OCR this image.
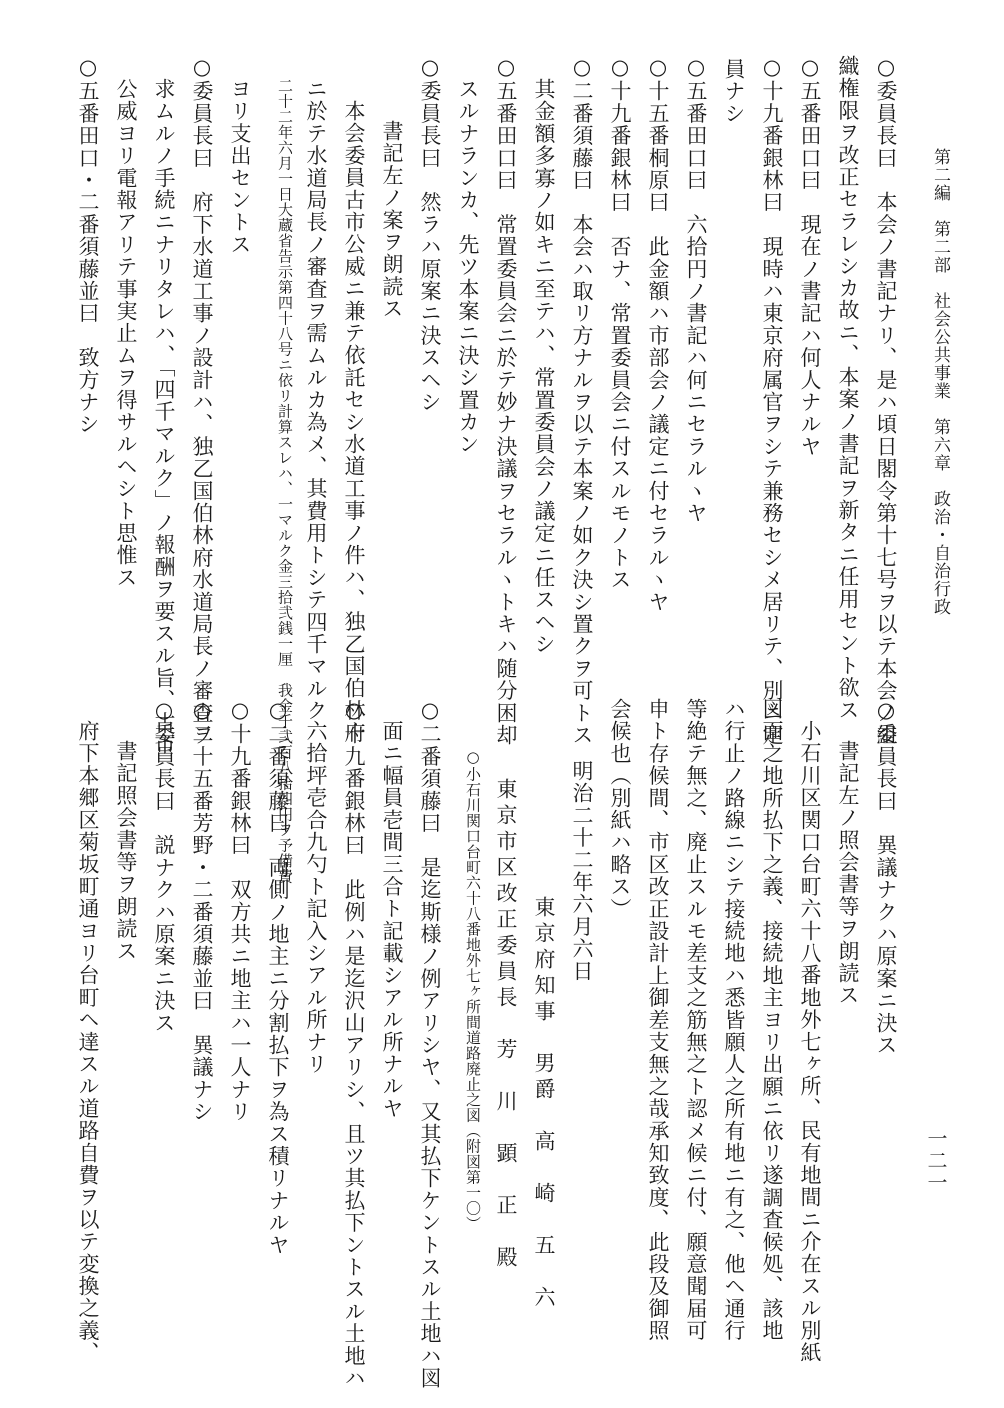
第二編　第二部　社会公共事業　第六章　政治・自治行政
一二一
○委員長曰　本会ノ書記ナリ、是ハ頃日閣令第十七号ヲ以テ本会ノ組
織権限ヲ改正セラレシカ故ニ、本案ノ書記ヲ新タニ任用セント欲ス
○五番田口曰　現在ノ書記ハ何人ナルヤ
○十九番銀林曰　現時ハ東京府属官ヲシテ兼務セシメ居リテ、別ニ定
員ナシ
○五番田口曰　六拾円ノ書記ハ何ニセラルヽヤ
○十五番桐原曰　此金額ハ市部会ノ議定ニ付セラルヽヤ
○十九番銀林曰　否ナ、常置委員会ニ付スルモノトス
○二番須藤曰　本会ハ取リ方ナルヲ以テ本案ノ如ク決シ置クヲ可トス
其金額多寡ノ如キニ至テハ、常置委員会ノ議定ニ任スヘシ
○五番田口曰　常置委員会ニ於テ妙ナ決議ヲセラルヽトキハ随分困却
スルナランカ、先ツ本案ニ決シ置カン
○委員長曰　然ラハ原案ニ決スヘシ
書記左ノ案ヲ朗読ス
本会委員古市公威ニ兼テ依託セシ水道工事ノ件ハ、独乙国伯林府
ニ於テ水道局長ノ審査ヲ需ムルカ為メ、其費用トシテ四千マルク
二十二年六月一日大蔵省告示第四十八号ニ依リ計算スレハ、一マルク金三拾弐銭一厘　我金千弐百八拾四円ヲ予備費
ヨリ支出セントス
○委員長曰　府下水道工事ノ設計ハ、独乙国伯林府水道局長ノ審査ヲ
求ムルノ手続ニナリタレハ、「四千マルク」ノ報酬ヲ要スル旨、古市
公威ヨリ電報アリテ事実止ムヲ得サルヘシト思惟ス
○五番田口・二番須藤並曰　致方ナシ
○委員長曰　異議ナクハ原案ニ決ス
書記左ノ照会書等ヲ朗読ス
小石川区関口台町六十八番地外七ヶ所、民有地間ニ介在スル別紙
図面之地所払下之義、接続地主ヨリ出願ニ依リ遂調査候処、該地
ハ行止ノ路線ニシテ接続地ハ悉皆願人之所有地ニ有之、他ヘ通行
等絶テ無之、廃止スルモ差支之筋無之ト認メ候ニ付、願意聞届可
申ト存候間、市区改正設計上御差支無之哉承知致度、此段及御照
会候也（別紙ハ略ス）
明治二十二年六月六日
東京府知事　男爵　高　崎　五　六
東京市区改正委員長　芳　川　顕　正　殿
○小石川関口台町六十八番地外七ヶ所間道路廃止之図（附図第一〇）
○二番須藤曰　是迄斯様ノ例アリシヤ、又其払下ケントスル土地ハ図
面ニ幅員壱間三合ト記載シアル所ナルヤ
○十九番銀林曰　此例ハ是迄沢山アリシ、且ツ其払下ントスル土地ハ
六拾坪壱合九勺ト記入シアル所ナリ
○二番須藤曰　両側ノ地主ニ分割払下ヲ為ス積リナルヤ
○十九番銀林曰　双方共ニ地主ハ一人ナリ
○二十五番芳野・二番須藤並曰　異議ナシ
○委員長曰　説ナクハ原案ニ決ス
書記照会書等ヲ朗読ス
府下本郷区菊坂町通ヨリ台町ヘ達スル道路自費ヲ以テ変換之義、
